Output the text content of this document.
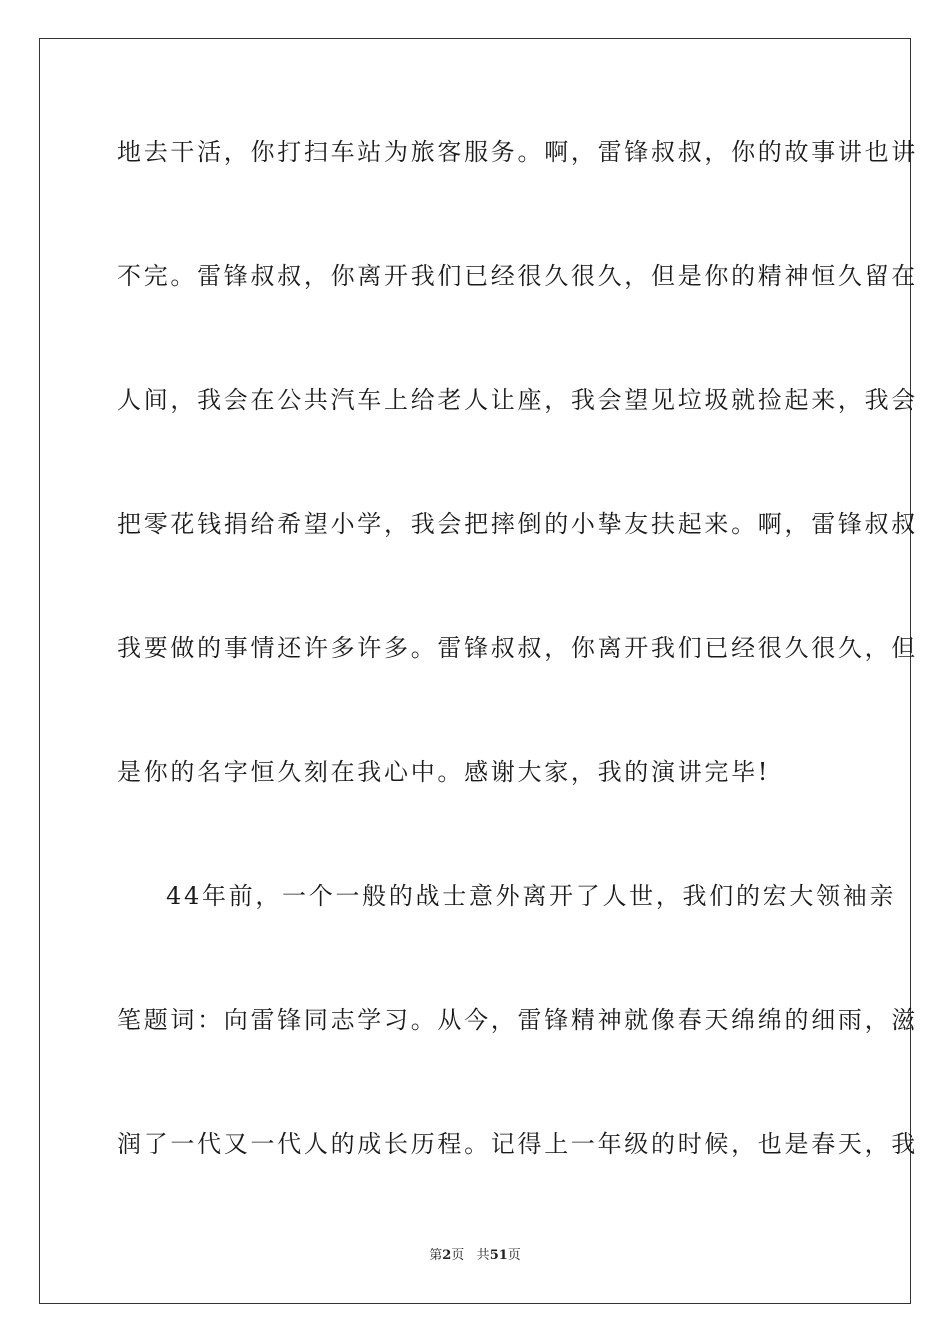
地去干活，你打扫车站为旅客服务。啊，雷锋叔叔，你的故事讲也讲
不完。雷锋叔叔，你离开我们已经很久很久，但是你的精神恒久留在
人间，我会在公共汽车上给老人让座，我会望见垃圾就捡起来，我会
把零花钱捐给希望小学，我会把摔倒的小挚友扶起来。啊，雷锋叔叔
我要做的事情还许多许多。雷锋叔叔，你离开我们已经很久很久，但
是你的名字恒久刻在我心中。感谢大家，我的演讲完毕!
44年前，一个一般的战士意外离开了人世，我们的宏大领袖亲
笔题词：向雷锋同志学习。从今，雷锋精神就像春天绵绵的细雨，滋
润了一代又一代人的成长历程。记得上一年级的时候，也是春天，我
第2页 共51页
